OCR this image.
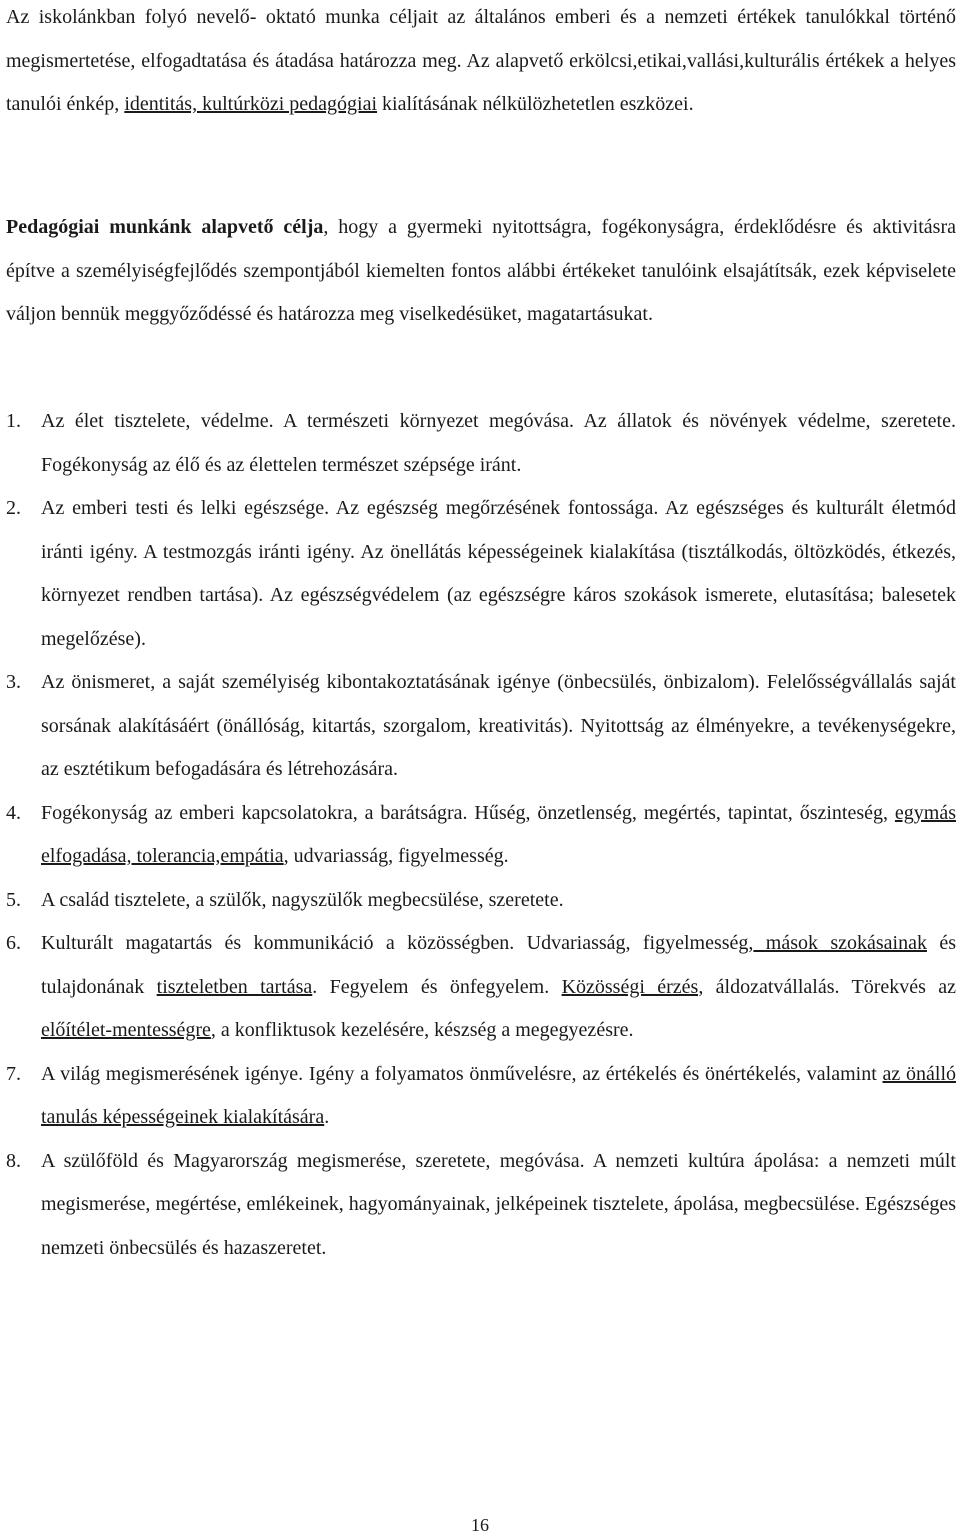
Az iskolánkban folyó nevelő- oktató munka céljait az általános emberi és a nemzeti értékek tanulókkal történő megismertetése, elfogadtatása és átadása határozza meg. Az alapvető erkölcsi,etikai,vallási,kulturális értékek a helyes tanulói énkép, identitás, kultúrközi pedagógiai kialításának nélkülözhetetlen eszközei.

Pedagógiai munkánk alapvető célja, hogy a gyermeki nyitottságra, fogékonyságra, érdeklődésre és aktivitásra építve a személyiségfejlődés szempontjából kiemelten fontos alábbi értékeket tanulóink elsajátítsák, ezek képviselete váljon bennük meggyőződéssé és határozza meg viselkedésüket, magatartásukat.

1. Az élet tisztelete, védelme. A természeti környezet megóvása. Az állatok és növények védelme, szeretete. Fogékonyság az élő és az élettelen természet szépsége iránt.
2. Az emberi testi és lelki egészsége. Az egészség megőrzésének fontossága. Az egészséges és kulturált életmód iránti igény. A testmozgás iránti igény. Az önellátás képességeinek kialakítása (tisztálkodás, öltözködés, étkezés, környezet rendben tartása). Az egészségvédelem (az egészségre káros szokások ismerete, elutasítása; balesetek megelőzése).
3. Az önismeret, a saját személyiség kibontakoztatásának igénye (önbecsülés, önbizalom). Felelősségvállalás saját sorsának alakításáért (önállóság, kitartás, szorgalom, kreativitás). Nyitottság az élményekre, a tevékenységekre, az esztétikum befogadására és létrehozására.
4. Fogékonyság az emberi kapcsolatokra, a barátságra. Hűség, önzetlenség, megértés, tapintat, őszinteség, egymás elfogadása, tolerancia,empátia, udvariasság, figyelmesség.
5. A család tisztelete, a szülők, nagyszülők megbecsülése, szeretete.
6. Kulturált magatartás és kommunikáció a közösségben. Udvariasság, figyelmesség, mások szokásainak és tulajdonának tiszteletben tartása. Fegyelem és önfegyelem. Közösségi érzés, áldozatvállalás. Törekvés az előítélet-mentességre, a konfliktusok kezelésére, készség a megegyezésre.
7. A világ megismerésének igénye. Igény a folyamatos önművelésre, az értékelés és önértékelés, valamint az önálló tanulás képességeinek kialakítására.
8. A szülőföld és Magyarország megismerése, szeretete, megóvása. A nemzeti kultúra ápolása: a nemzeti múlt megismerése, megértése, emlékeinek, hagyományainak, jelképeinek tisztelete, ápolása, megbecsülése. Egészséges nemzeti önbecsülés és hazaszeretet.
16
